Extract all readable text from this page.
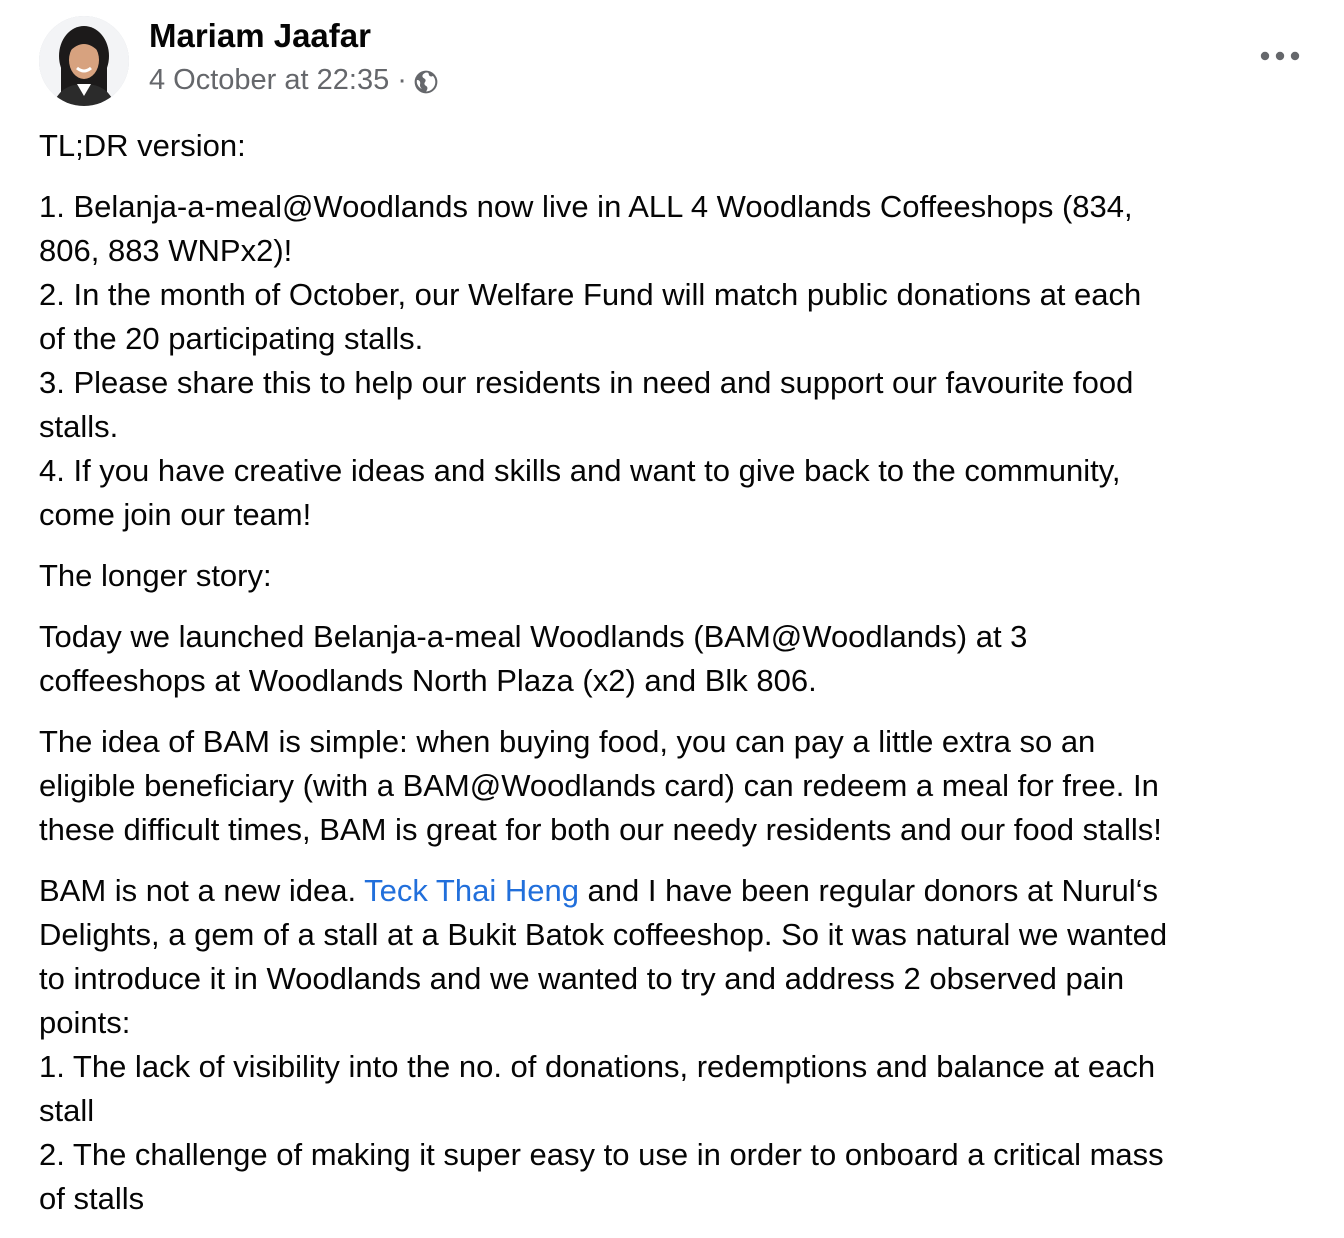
Mariam Jaafar
4 October at 22:35 ·
TL;DR version:
1. Belanja-a-meal@Woodlands now live in ALL 4 Woodlands Coffeeshops (834,
806, 883 WNPx2)!
2. In the month of October, our Welfare Fund will match public donations at each
of the 20 participating stalls.
3. Please share this to help our residents in need and support our favourite food
stalls.
4. If you have creative ideas and skills and want to give back to the community,
come join our team!
The longer story:
Today we launched Belanja-a-meal Woodlands (BAM@Woodlands) at 3
coffeeshops at Woodlands North Plaza (x2) and Blk 806.
The idea of BAM is simple: when buying food, you can pay a little extra so an
eligible beneficiary (with a BAM@Woodlands card) can redeem a meal for free. In
these difficult times, BAM is great for both our needy residents and our food stalls!
BAM is not a new idea. Teck Thai Heng and I have been regular donors at Nurul‘s
Delights, a gem of a stall at a Bukit Batok coffeeshop. So it was natural we wanted
to introduce it in Woodlands and we wanted to try and address 2 observed pain
points:
1. The lack of visibility into the no. of donations, redemptions and balance at each
stall
2. The challenge of making it super easy to use in order to onboard a critical mass
of stalls
